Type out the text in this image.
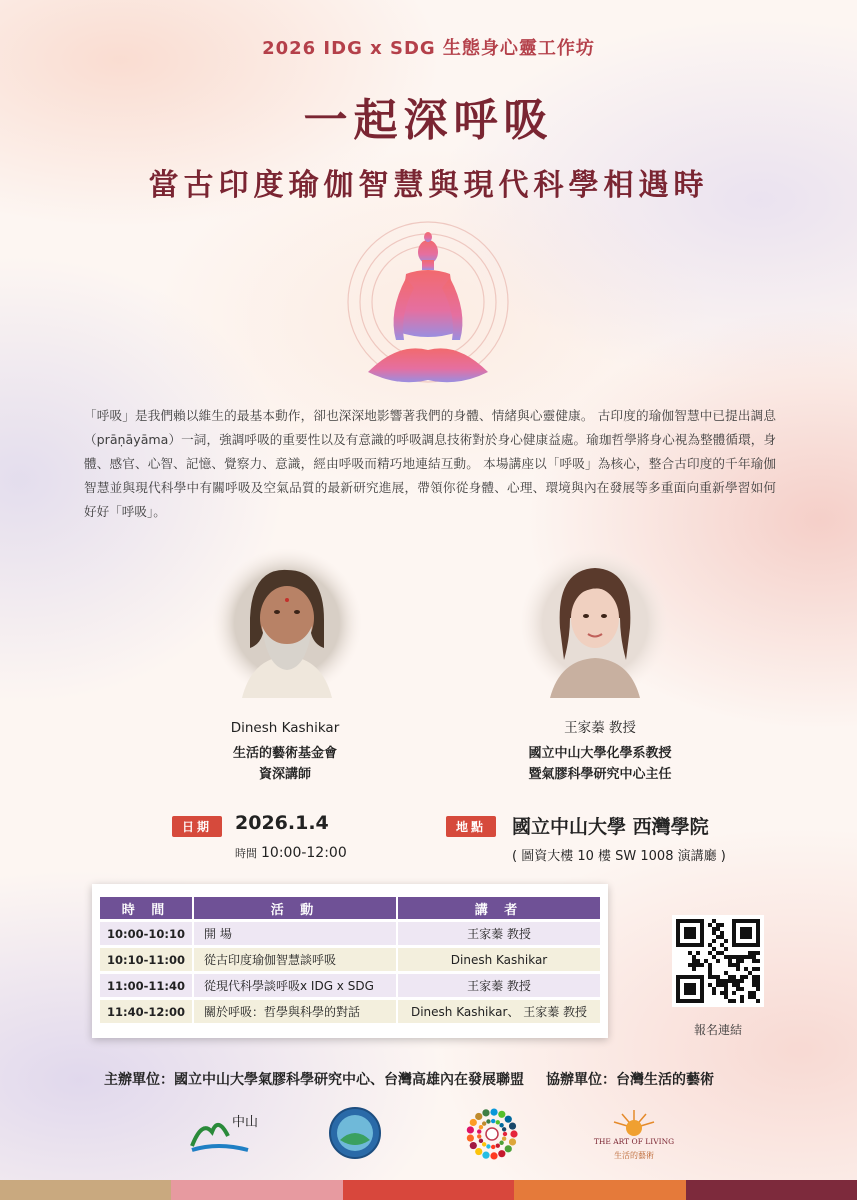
2026 IDG x SDG 生態身心靈工作坊
一起深呼吸
當古印度瑜伽智慧與現代科學相遇時
「呼吸」是我們賴以維生的最基本動作，卻也深深地影響著我們的身體、情緒與心靈健康。 古印度的瑜伽智慧中已提出調息（prāṇāyāma）一詞，強調呼吸的重要性以及有意識的呼吸調息技術對於身心健康益處。瑜珈哲學將身心視為整體循環，身體、感官、心智、記憶、覺察力、意識，經由呼吸而精巧地連結互動。 本場講座以「呼吸」為核心，整合古印度的千年瑜伽智慧並與現代科學中有關呼吸及空氣品質的最新研究進展，帶領你從身體、心理、環境與內在發展等多重面向重新學習如何好好「呼吸」。
Dinesh Kashikar
生活的藝術基金會
資深講師
王家蓁 教授
國立中山大學化學系教授
暨氣膠科學研究中心主任
日期	2026.1.4
時間 10:00-12:00
地點	國立中山大學 西灣學院
( 圖資大樓 10 樓 SW 1008 演講廳 )
時 間	活 動	講 者
10:00-10:10	開 場	王家蓁 教授
10:10-11:00	從古印度瑜伽智慧談呼吸	Dinesh Kashikar
11:00-11:40	從現代科學談呼吸x IDG x SDG	王家蓁 教授
11:40-12:00	關於呼吸：哲學與科學的對話	Dinesh Kashikar、 王家蓁 教授
報名連結
主辦單位：國立中山大學氣膠科學研究中心、台灣高雄內在發展聯盟 協辦單位：台灣生活的藝術
中山
THE ART OF LIVING
生活的藝術
